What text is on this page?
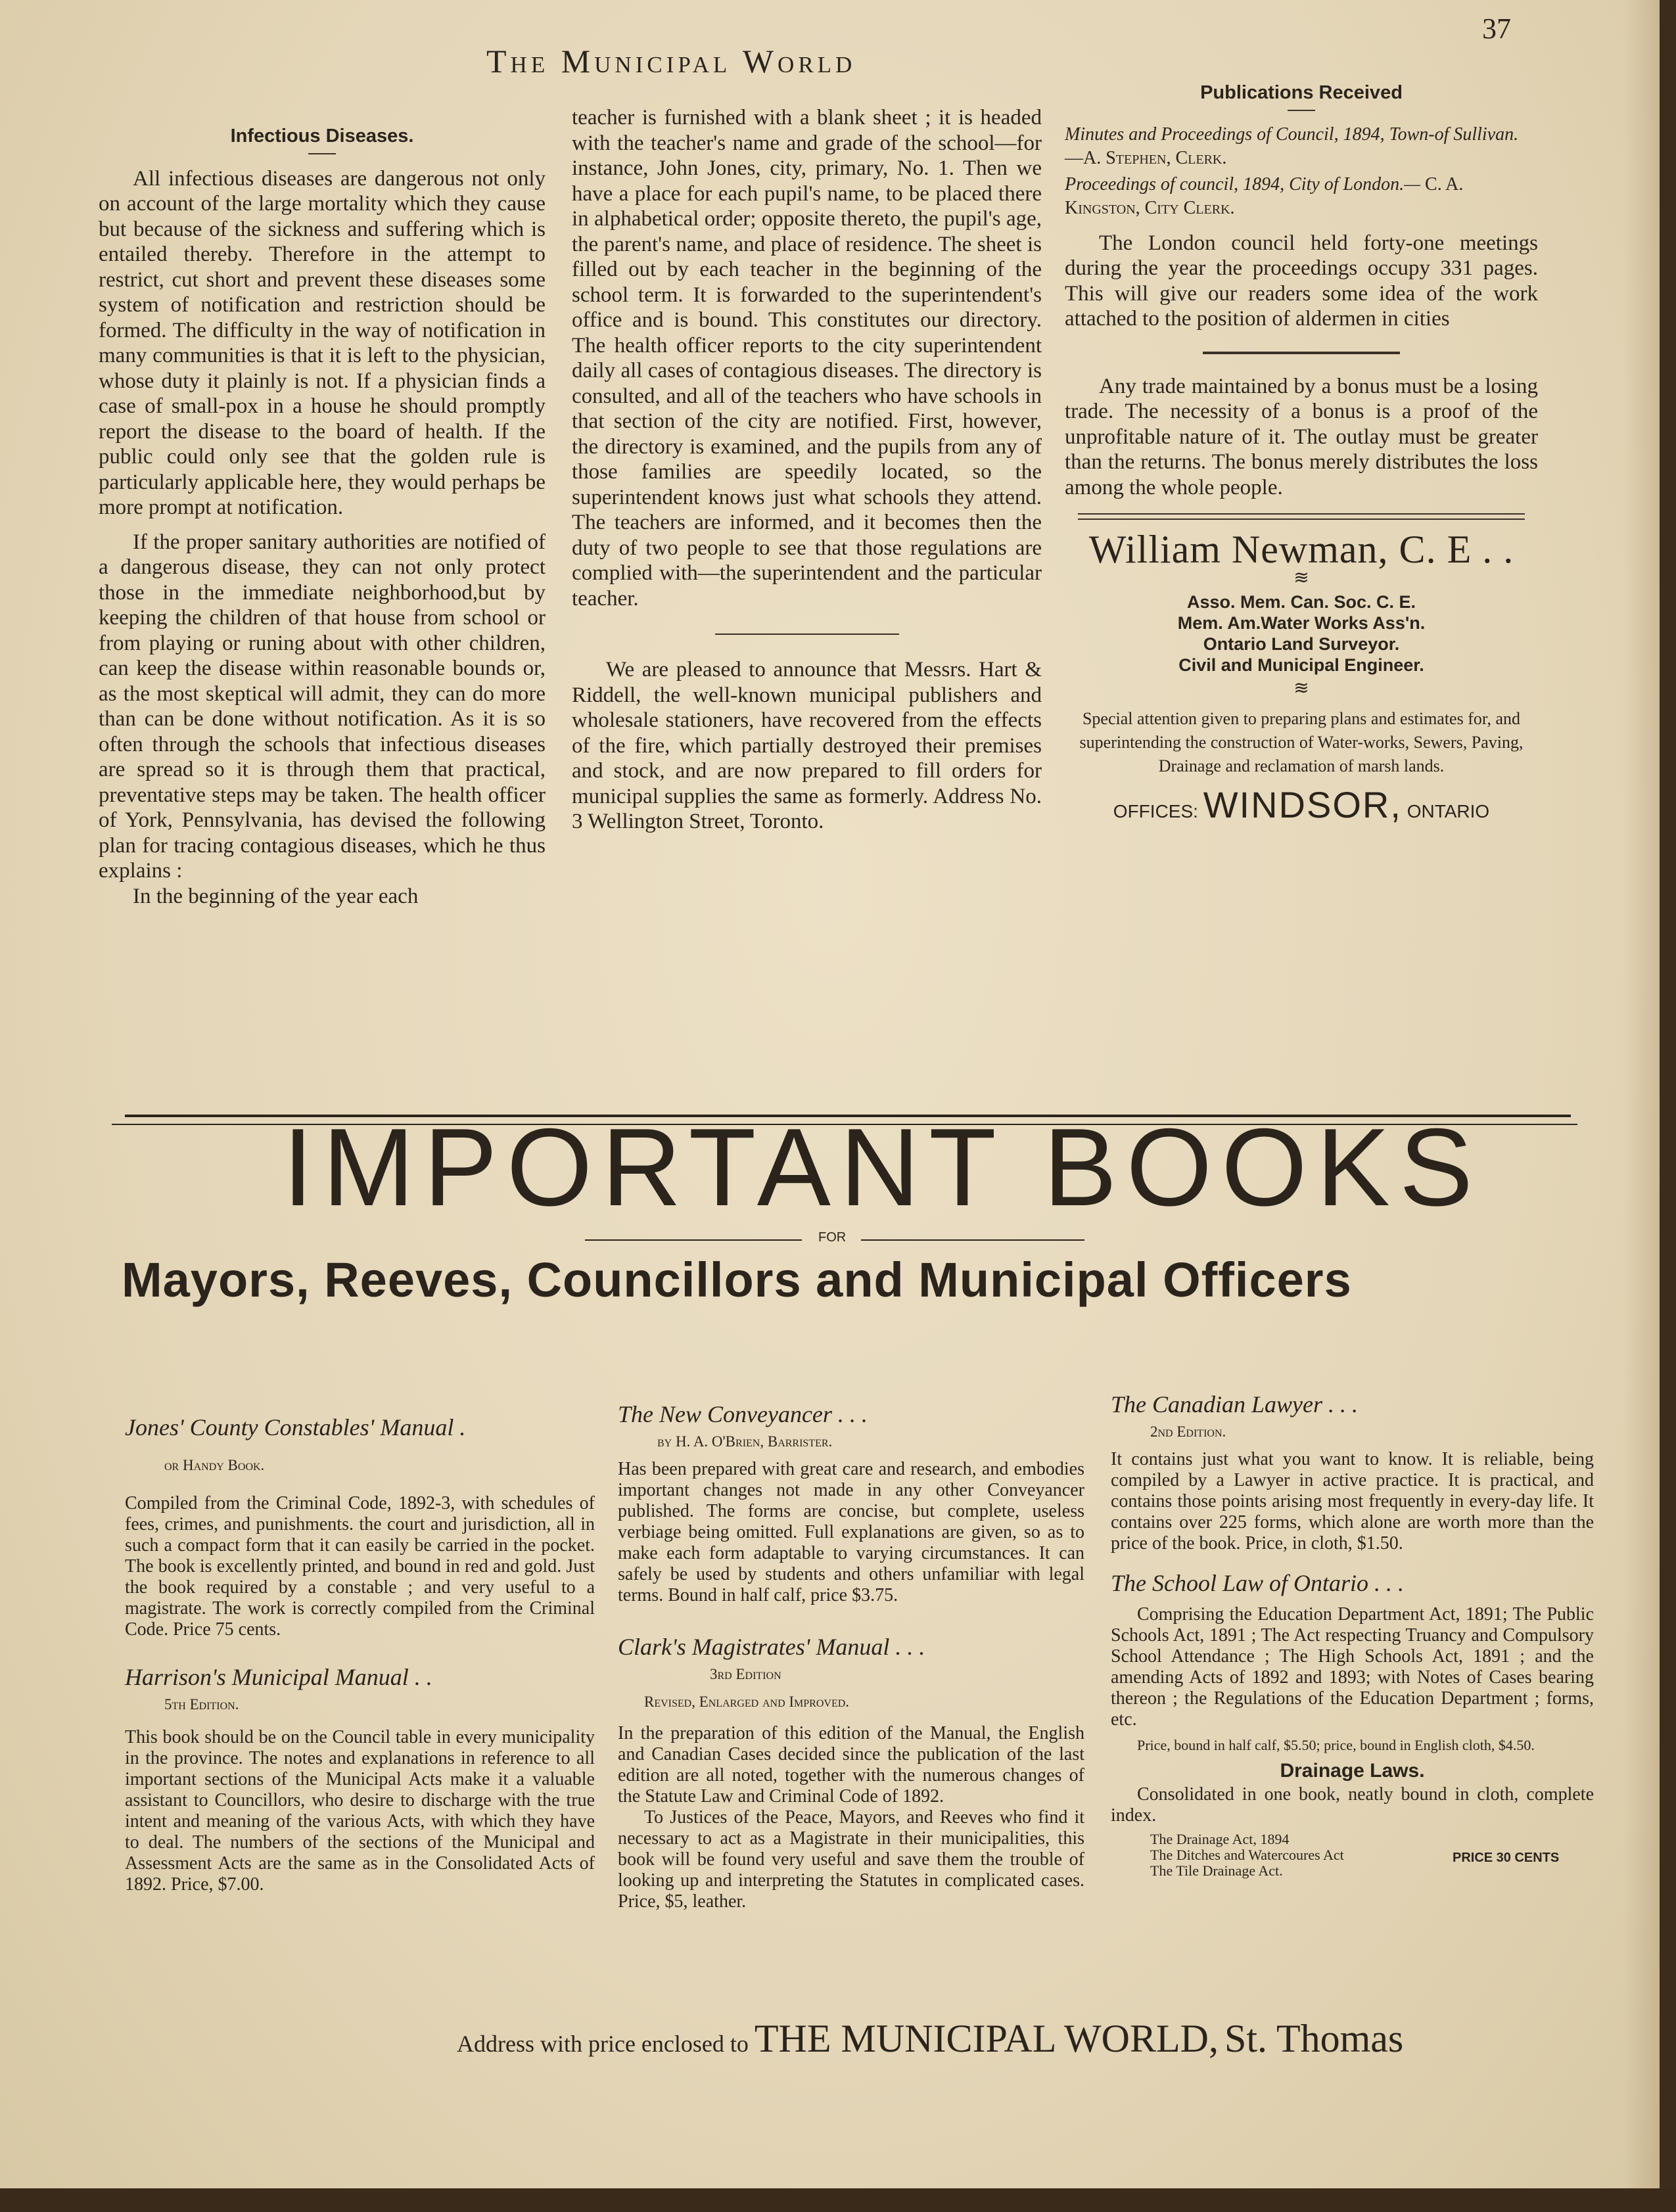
37
The Municipal World
Infectious Diseases.

All infectious diseases are dangerous not only on account of the large mortality which they cause but because of the sickness and suffering which is entailed thereby. Therefore in the attempt to restrict, cut short and prevent these diseases some system of notification and restriction should be formed. The difficulty in the way of notification in many communities is that it is left to the physician, whose duty it plainly is not. If a physician finds a case of small-pox in a house he should promptly report the disease to the board of health. If the public could only see that the golden rule is particularly applicable here, they would perhaps be more prompt at notification.

If the proper sanitary authorities are notified of a dangerous disease, they can not only protect those in the immediate neighborhood,but by keeping the children of that house from school or from playing or runing about with other children, can keep the disease within reasonable bounds or, as the most skeptical will admit, they can do more than can be done without notification. As it is so often through the schools that infectious diseases are spread so it is through them that practical, preventative steps may be taken. The health officer of York, Pennsylvania, has devised the following plan for tracing contagious diseases, which he thus explains :

In the beginning of the year each

teacher is furnished with a blank sheet ; it is headed with the teacher's name and grade of the school—for instance, John Jones, city, primary, No. 1. Then we have a place for each pupil's name, to be placed there in alphabetical order; opposite thereto, the pupil's age, the parent's name, and place of residence. The sheet is filled out by each teacher in the beginning of the school term. It is forwarded to the superintendent's office and is bound. This constitutes our directory. The health officer reports to the city superintendent daily all cases of contagious diseases. The directory is consulted, and all of the teachers who have schools in that section of the city are notified. First, however, the directory is examined, and the pupils from any of those families are speedily located, so the superintendent knows just what schools they attend. The teachers are informed, and it becomes then the duty of two people to see that those regulations are complied with—the superintendent and the particular teacher.

We are pleased to announce that Messrs. Hart & Riddell, the well-known municipal publishers and wholesale stationers, have recovered from the effects of the fire, which partially destroyed their premises and stock, and are now prepared to fill orders for municipal supplies the same as formerly. Address No. 3 Wellington Street, Toronto.

Publications Received
Minutes and Proceedings of Council, 1894, Town-of Sullivan. —A. Stephen, Clerk.
Proceedings of council, 1894, City of London.— C. A. Kingston, City Clerk.

The London council held forty-one meetings during the year the proceedings occupy 331 pages. This will give our readers some idea of the work attached to the position of aldermen in cities

Any trade maintained by a bonus must be a losing trade. The necessity of a bonus is a proof of the unprofitable nature of it. The outlay must be greater than the returns. The bonus merely distributes the loss among the whole people.

William Newman, C. E . .
≋
Asso. Mem. Can. Soc. C. E.
Mem. Am.Water Works Ass'n.
Ontario Land Surveyor.
Civil and Municipal Engineer.
≋
Special attention given to preparing plans and estimates for, and superintending the construction of Water-works, Sewers, Paving, Drainage and reclamation of marsh lands.
OFFICES: WINDSOR, ONTARIO
IMPORTANT BOOKS
FOR
Mayors, Reeves, Councillors and Municipal Officers
Jones' County Constables' Manual .
or Handy Book.
Compiled from the Criminal Code, 1892-3, with schedules of fees, crimes, and punishments. the court and jurisdiction, all in such a compact form that it can easily be carried in the pocket. The book is excellently printed, and bound in red and gold. Just the book required by a constable ; and very useful to a magistrate. The work is correctly compiled from the Criminal Code. Price 75 cents.
Harrison's Municipal Manual . .
5th Edition.
This book should be on the Council table in every municipality in the province. The notes and explanations in reference to all important sections of the Municipal Acts make it a valuable assistant to Councillors, who desire to discharge with the true intent and meaning of the various Acts, with which they have to deal. The numbers of the sections of the Municipal and Assessment Acts are the same as in the Consolidated Acts of 1892. Price, $7.00.
The New Conveyancer . . .
by H. A. O'Brien, Barrister.
Has been prepared with great care and research, and embodies important changes not made in any other Conveyancer published. The forms are concise, but complete, useless verbiage being omitted. Full explanations are given, so as to make each form adaptable to varying circumstances. It can safely be used by students and others unfamiliar with legal terms. Bound in half calf, price $3.75.
Clark's Magistrates' Manual . . .
3rd Edition
Revised, Enlarged and Improved.
In the preparation of this edition of the Manual, the English and Canadian Cases decided since the publication of the last edition are all noted, together with the numerous changes of the Statute Law and Criminal Code of 1892.
To Justices of the Peace, Mayors, and Reeves who find it necessary to act as a Magistrate in their municipalities, this book will be found very useful and save them the trouble of looking up and interpreting the Statutes in complicated cases. Price, $5, leather.
The Canadian Lawyer . . .
2nd Edition.
It contains just what you want to know. It is reliable, being compiled by a Lawyer in active practice. It is practical, and contains those points arising most frequently in every-day life. It contains over 225 forms, which alone are worth more than the price of the book. Price, in cloth, $1.50.
The School Law of Ontario . . .
Comprising the Education Department Act, 1891; The Public Schools Act, 1891 ; The Act respecting Truancy and Compulsory School Attendance ; The High Schools Act, 1891 ; and the amending Acts of 1892 and 1893; with Notes of Cases bearing thereon ; the Regulations of the Education Department ; forms, etc.
Price, bound in half calf, $5.50; price, bound in English cloth, $4.50.
Drainage Laws.
Consolidated in one book, neatly bound in cloth, complete index.
The Drainage Act, 1894
The Ditches and Watercoures Act
The Tile Drainage Act.
PRICE 30 CENTS
Address with price enclosed to THE MUNICIPAL WORLD, St. Thomas
